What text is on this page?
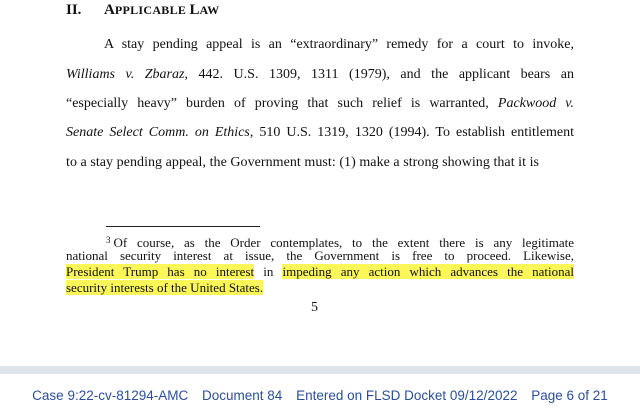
II. APPLICABLE LAW
A stay pending appeal is an “extraordinary” remedy for a court to invoke,
Williams v. Zbaraz, 442. U.S. 1309, 1311 (1979), and the applicant bears an
“especially heavy” burden of proving that such relief is warranted, Packwood v.
Senate Select Comm. on Ethics, 510 U.S. 1319, 1320 (1994). To establish entitlement
to a stay pending appeal, the Government must: (1) make a strong showing that it is
$^3$ Of course, as the Order contemplates, to the extent there is any legitimate
national security interest at issue, the Government is free to proceed. Likewise,
President Trump has no interest in impeding any action which advances the national
security interests of the United States.
5
Case 9:22-cv-81294-AMC Document 84 Entered on FLSD Docket 09/12/2022 Page 6 of 21
